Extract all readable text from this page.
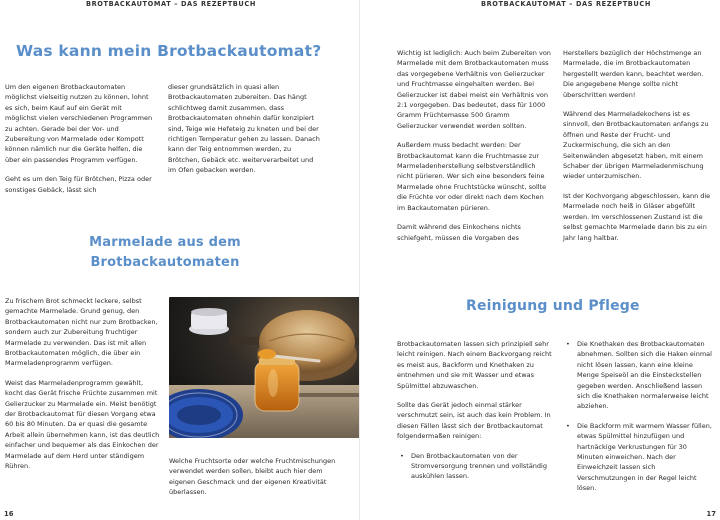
BROTBACKAUTOMAT – DAS REZEPTBUCH
Was kann mein Brotbackautomat?

Um den eigenen Brotbackautomaten möglichst vielseitig nutzen zu können, lohnt es sich, beim Kauf auf ein Gerät mit möglichst vielen verschiedenen Programmen zu achten. Gerade bei der Vor- und Zubereitung von Marmelade oder Kompott können nämlich nur die Geräte helfen, die über ein passendes Programm verfügen.

Geht es um den Teig für Brötchen, Pizza oder sonstiges Gebäck, lässt sich

dieser grundsätzlich in quasi allen Brotbackautomaten zubereiten. Das hängt schlichtweg damit zusammen, dass Brotbackautomaten ohnehin dafür konzipiert sind, Teige wie Hefeteig zu kneten und bei der richtigen Temperatur gehen zu lassen. Danach kann der Teig entnommen werden, zu Brötchen, Gebäck etc. weiterverarbeitet und im Ofen gebacken werden.

Marmelade aus dem
Brotbackautomaten

Zu frischem Brot schmeckt leckere, selbst gemachte Marmelade. Grund genug, den Brotbackautomaten nicht nur zum Brotbacken, sondern auch zur Zubereitung fruchtiger Marmelade zu verwenden. Das ist mit allen Brotbackautomaten möglich, die über ein Marmeladenprogramm verfügen.

Weist das Marmeladenprogramm gewählt, kocht das Gerät frische Früchte zusammen mit Gelierzucker zu Marmelade ein. Meist benötigt der Brotbackautomat für diesen Vorgang etwa 60 bis 80 Minuten. Da er quasi die gesamte Arbeit allein übernehmen kann, ist das deutlich einfacher und bequemer als das Einkochen der Marmelade auf dem Herd unter ständigem Rühren.

Welche Fruchtsorte oder welche Fruchtmischungen verwendet werden sollen, bleibt auch hier dem eigenen Geschmack und der eigenen Kreativität überlassen.

16
BROTBACKAUTOMAT – DAS REZEPTBUCH

Wichtig ist lediglich: Auch beim Zubereiten von Marmelade mit dem Brotbackautomaten muss das vorgegebene Verhältnis von Gelierzucker und Fruchtmasse eingehalten werden. Bei Gelierzucker ist dabei meist ein Verhältnis von 2:1 vorgegeben. Das bedeutet, dass für 1000 Gramm Früchtemasse 500 Gramm Gelierzucker verwendet werden sollten.

Außerdem muss bedacht werden: Der Brotbackautomat kann die Fruchtmasse zur Marmeladenherstellung selbstverständlich nicht pürieren. Wer sich eine besonders feine Marmelade ohne Fruchtstücke wünscht, sollte die Früchte vor oder direkt nach dem Kochen im Backautomaten pürieren.

Damit während des Einkochens nichts schiefgeht, müssen die Vorgaben des

Herstellers bezüglich der Höchstmenge an Marmelade, die im Brotbackautomaten hergestellt werden kann, beachtet werden. Die angegebene Menge sollte nicht überschritten werden!

Während des Marmeladekochens ist es sinnvoll, den Brotbackautomaten anfangs zu öffnen und Reste der Frucht- und Zuckermischung, die sich an den Seitenwänden abgesetzt haben, mit einem Schaber der übrigen Marmeladenmischung wieder unterzumischen.

Ist der Kochvorgang abgeschlossen, kann die Marmelade noch heiß in Gläser abgefüllt werden. Im verschlossenen Zustand ist die selbst gemachte Marmelade dann bis zu ein Jahr lang haltbar.

Reinigung und Pflege

Brotbackautomaten lassen sich prinzipiell sehr leicht reinigen. Nach einem Backvorgang reicht es meist aus, Backform und Knethaken zu entnehmen und sie mit Wasser und etwas Spülmittel abzuwaschen.

Sollte das Gerät jedoch einmal stärker verschmutzt sein, ist auch das kein Problem. In diesen Fällen lässt sich der Brotbackautomat folgendermaßen reinigen:

• Den Brotbackautomaten von der Stromversorgung trennen und vollständig auskühlen lassen.
• Die Knethaken des Brotbackautomaten abnehmen. Sollten sich die Haken einmal nicht lösen lassen, kann eine kleine Menge Speiseöl an die Einsteckstellen gegeben werden. Anschließend lassen sich die Knethaken normalerweise leicht abziehen.
• Die Backform mit warmem Wasser füllen, etwas Spülmittel hinzufügen und hartnäckige Verkrustungen für 30 Minuten einweichen. Nach der Einweichzeit lassen sich Verschmutzungen in der Regel leicht lösen.
17
